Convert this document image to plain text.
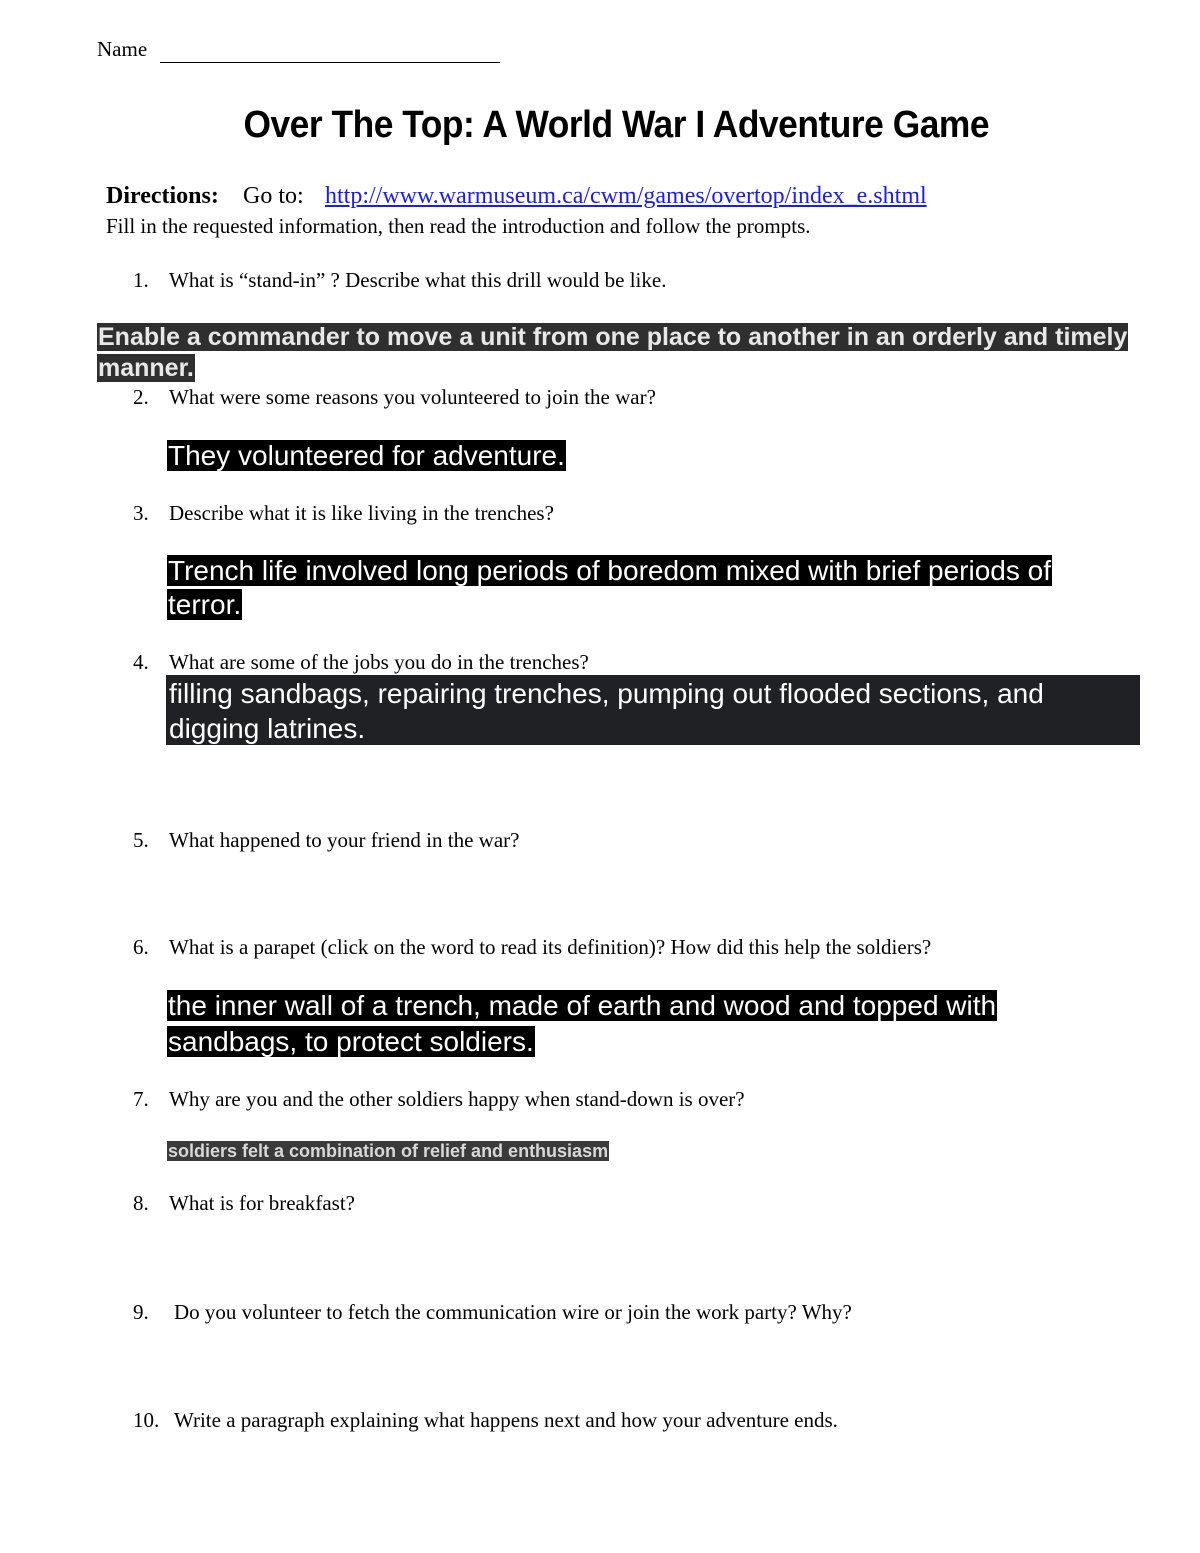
Name
Over The Top: A World War I Adventure Game
Directions: Go to: http://www.warmuseum.ca/cwm/games/overtop/index_e.shtml
Fill in the requested information, then read the introduction and follow the prompts.
1. What is “stand-in” ? Describe what this drill would be like.
Enable a commander to move a unit from one place to another in an orderly and timely manner.
2. What were some reasons you volunteered to join the war?
They volunteered for adventure.
3. Describe what it is like living in the trenches?
Trench life involved long periods of boredom mixed with brief periods of terror.
4. What are some of the jobs you do in the trenches?
filling sandbags, repairing trenches, pumping out flooded sections, and digging latrines.
5. What happened to your friend in the war?
6. What is a parapet (click on the word to read its definition)? How did this help the soldiers?
the inner wall of a trench, made of earth and wood and topped with sandbags, to protect soldiers.
7. Why are you and the other soldiers happy when stand-down is over?
soldiers felt a combination of relief and enthusiasm
8. What is for breakfast?
9. Do you volunteer to fetch the communication wire or join the work party? Why?
10. Write a paragraph explaining what happens next and how your adventure ends.
